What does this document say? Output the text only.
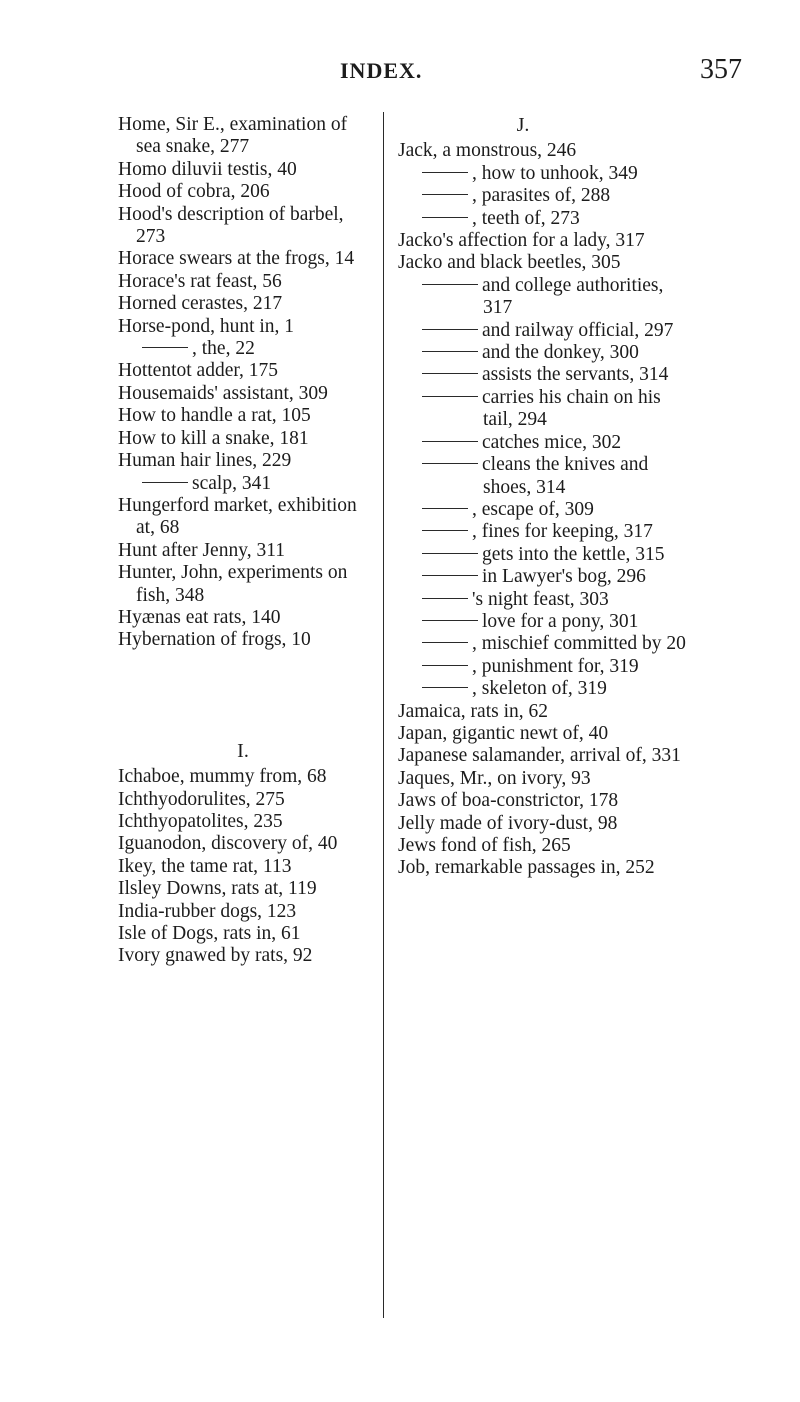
INDEX.	357
Home, Sir E., examination of sea snake, 277
Homo diluvii testis, 40
Hood of cobra, 206
Hood's description of barbel, 273
Horace swears at the frogs, 14
Horace's rat feast, 56
Horned cerastes, 217
Horse-pond, hunt in, 1
, the, 22
Hottentot adder, 175
Housemaids' assistant, 309
How to handle a rat, 105
How to kill a snake, 181
Human hair lines, 229
scalp, 341
Hungerford market, exhibition at, 68
Hunt after Jenny, 311
Hunter, John, experiments on fish, 348
Hyænas eat rats, 140
Hybernation of frogs, 10
I.
Ichaboe, mummy from, 68
Ichthyodorulites, 275
Ichthyopatolites, 235
Iguanodon, discovery of, 40
Ikey, the tame rat, 113
Ilsley Downs, rats at, 119
India-rubber dogs, 123
Isle of Dogs, rats in, 61
Ivory gnawed by rats, 92
J.
Jack, a monstrous, 246
, how to unhook, 349
, parasites of, 288
, teeth of, 273
Jacko's affection for a lady, 317
Jacko and black beetles, 305
and college authorities, 317
and railway official, 297
and the donkey, 300
assists the servants, 314
carries his chain on his tail, 294
catches mice, 302
cleans the knives and shoes, 314
, escape of, 309
, fines for keeping, 317
gets into the kettle, 315
in Lawyer's bog, 296
's night feast, 303
love for a pony, 301
, mischief committed by 20
, punishment for, 319
, skeleton of, 319
Jamaica, rats in, 62
Japan, gigantic newt of, 40
Japanese salamander, arrival of, 331
Jaques, Mr., on ivory, 93
Jaws of boa-constrictor, 178
Jelly made of ivory-dust, 98
Jews fond of fish, 265
Job, remarkable passages in, 252
